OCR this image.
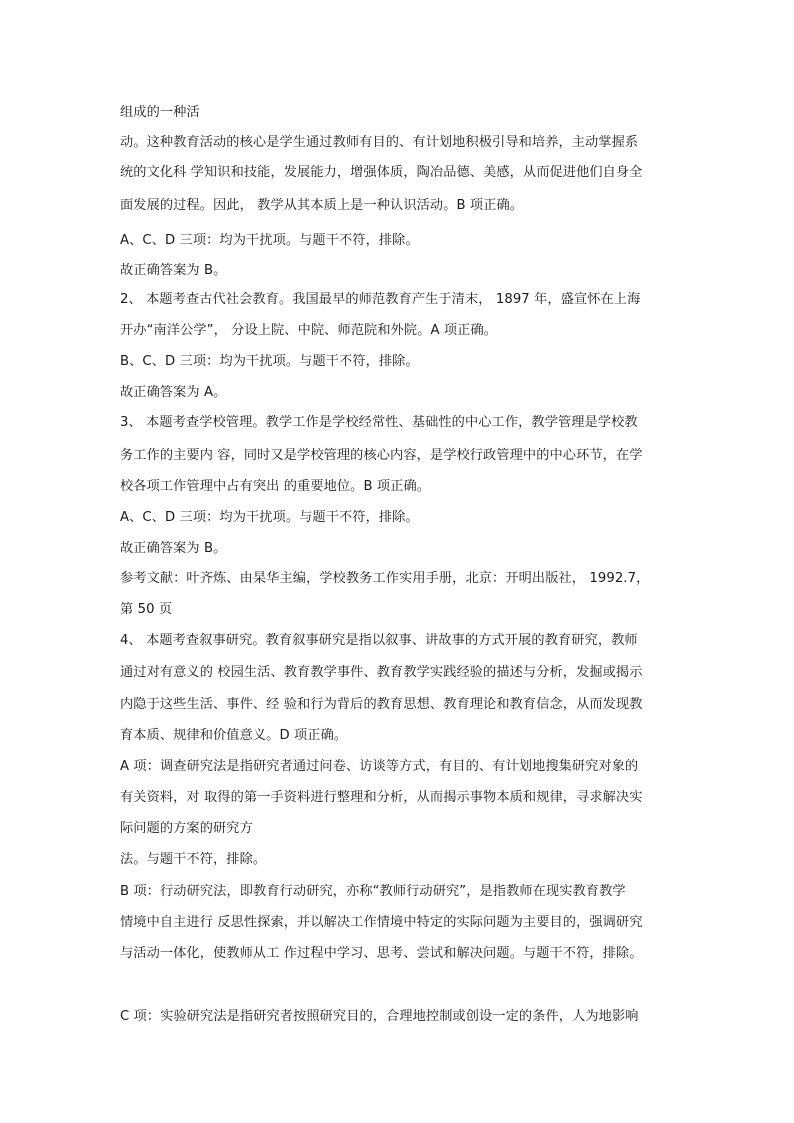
组成的一种活
动。这种教育活动的核心是学生通过教师有目的、有计划地积极引导和培养，主动掌握系
统的文化科 学知识和技能，发展能力，增强体质，陶冶品德、美感，从而促进他们自身全
面发展的过程。因此， 教学从其本质上是一种认识活动。B 项正确。
A、C、D 三项：均为干扰项。与题干不符，排除。
故正确答案为 B。
2、 本题考查古代社会教育。我国最早的师范教育产生于清末， 1897 年，盛宣怀在上海
开办“南洋公学”， 分设上院、中院、师范院和外院。A 项正确。
B、C、D 三项：均为干扰项。与题干不符，排除。
故正确答案为 A。
3、 本题考查学校管理。教学工作是学校经常性、基础性的中心工作，教学管理是学校教
务工作的主要内 容，同时又是学校管理的核心内容，是学校行政管理中的中心环节，在学
校各项工作管理中占有突出 的重要地位。B 项正确。
A、C、D 三项：均为干扰项。与题干不符，排除。
故正确答案为 B。
参考文献：叶齐炼、由杲华主编，学校教务工作实用手册，北京：开明出版社， 1992.7，
第 50 页
4、 本题考查叙事研究。教育叙事研究是指以叙事、讲故事的方式开展的教育研究，教师
通过对有意义的 校园生活、教育教学事件、教育教学实践经验的描述与分析，发掘或揭示
内隐于这些生活、事件、经 验和行为背后的教育思想、教育理论和教育信念，从而发现教
育本质、规律和价值意义。D 项正确。
A 项：调查研究法是指研究者通过问卷、访谈等方式，有目的、有计划地搜集研究对象的
有关资料，对 取得的第一手资料进行整理和分析，从而揭示事物本质和规律，寻求解决实
际问题的方案的研究方
法。与题干不符，排除。
B 项：行动研究法，即教育行动研究，亦称“教师行动研究”，是指教师在现实教育教学
情境中自主进行 反思性探索，并以解决工作情境中特定的实际问题为主要目的，强调研究
与活动一体化，使教师从工 作过程中学习、思考、尝试和解决问题。与题干不符，排除。
C 项：实验研究法是指研究者按照研究目的，合理地控制或创设一定的条件，人为地影响
